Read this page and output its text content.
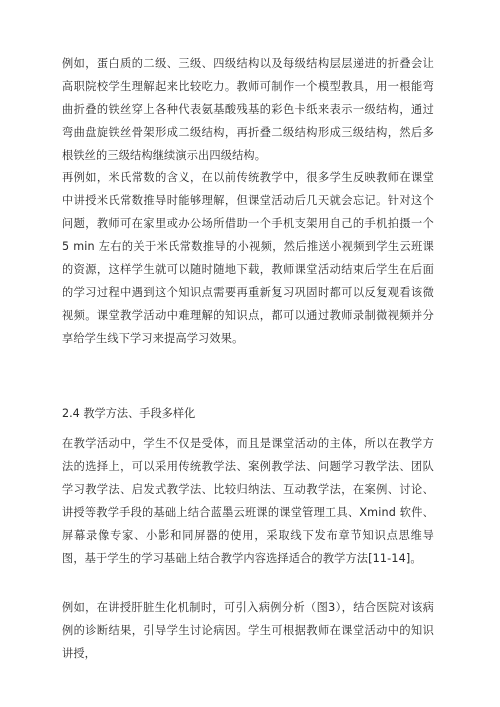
例如，蛋白质的二级、三级、四级结构以及每级结构层层递进的折叠会让高职院校学生理解起来比较吃力。教师可制作一个模型教具，用一根能弯曲折叠的铁丝穿上各种代表氨基酸残基的彩色卡纸来表示一级结构，通过弯曲盘旋铁丝骨架形成二级结构，再折叠二级结构形成三级结构，然后多根铁丝的三级结构继续演示出四级结构。

再例如，米氏常数的含义，在以前传统教学中，很多学生反映教师在课堂中讲授米氏常数推导时能够理解，但课堂活动后几天就会忘记。针对这个问题，教师可在家里或办公场所借助一个手机支架用自己的手机拍摄一个 5 min 左右的关于米氏常数推导的小视频，然后推送小视频到学生云班课的资源，这样学生就可以随时随地下载，教师课堂活动结束后学生在后面的学习过程中遇到这个知识点需要再重新复习巩固时都可以反复观看该微视频。课堂教学活动中难理解的知识点，都可以通过教师录制微视频并分享给学生线下学习来提高学习效果。

2.4 教学方法、手段多样化

在教学活动中，学生不仅是受体，而且是课堂活动的主体，所以在教学方法的选择上，可以采用传统教学法、案例教学法、问题学习教学法、团队学习教学法、启发式教学法、比较归纳法、互动教学法，在案例、讨论、讲授等教学手段的基础上结合蓝墨云班课的课堂管理工具、Xmind 软件、屏幕录像专家、小影和同屏器的使用，采取线下发布章节知识点思维导图，基于学生的学习基础上结合教学内容选择适合的教学方法[11-14]。

例如，在讲授肝脏生化机制时，可引入病例分析（图3），结合医院对该病例的诊断结果，引导学生讨论病因。学生可根据教师在课堂活动中的知识讲授，
